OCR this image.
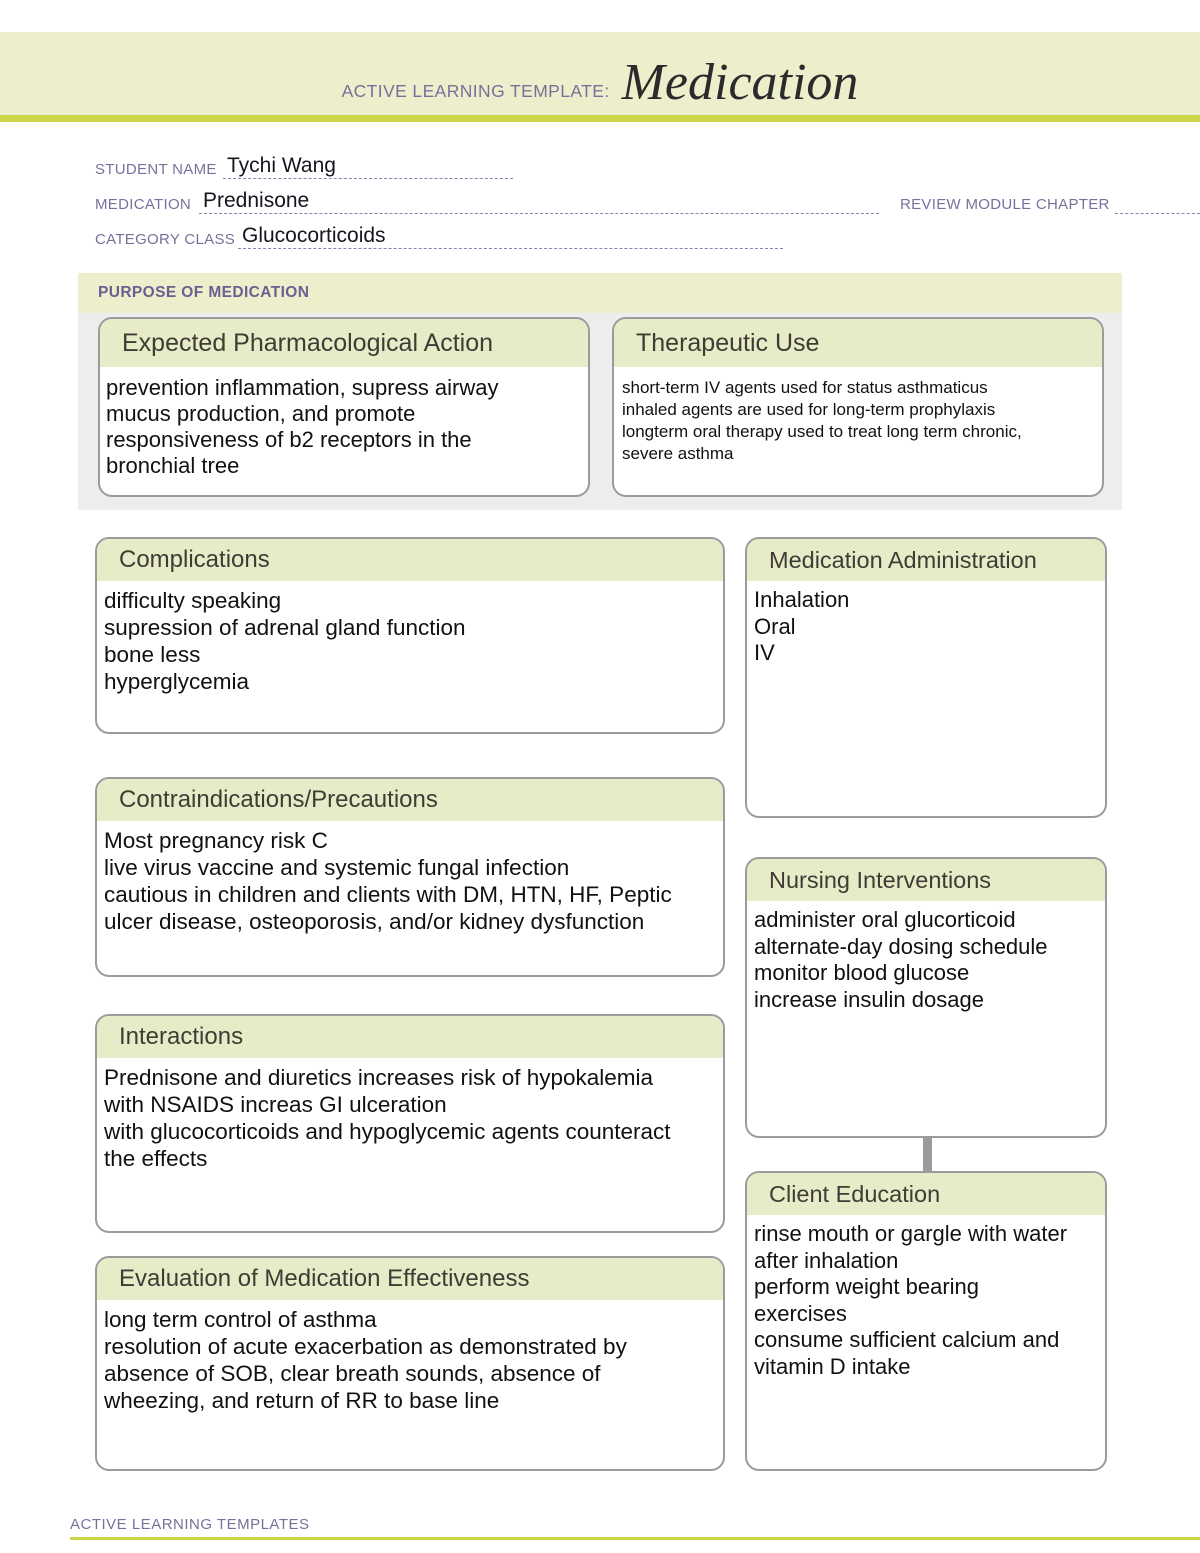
ACTIVE LEARNING TEMPLATE: Medication
STUDENT NAME Tychi Wang
MEDICATION Prednisone	REVIEW MODULE CHAPTER
CATEGORY CLASS Glucocorticoids
PURPOSE OF MEDICATION
Expected Pharmacological Action

prevention inflammation, supress airway

mucus production, and promote

responsiveness of b2 receptors in the

bronchial tree

Therapeutic Use

short-term IV agents used for status asthmaticus

inhaled agents are used for long-term prophylaxis

longterm oral therapy used to treat long term chronic,

severe asthma

Complications

difficulty speaking

supression of adrenal gland function

bone less

hyperglycemia

Contraindications/Precautions

Most pregnancy risk C

live virus vaccine and systemic fungal infection

cautious in children and clients with DM, HTN, HF, Peptic

ulcer disease, osteoporosis, and/or kidney dysfunction

Interactions

Prednisone and diuretics increases risk of hypokalemia

with NSAIDS increas GI ulceration

with glucocorticoids and hypoglycemic agents counteract

the effects

Evaluation of Medication Effectiveness

long term control of asthma

resolution of acute exacerbation as demonstrated by

absence of SOB, clear breath sounds, absence of

wheezing, and return of RR to base line

Medication Administration

Inhalation

Oral

IV

Nursing Interventions

administer oral glucorticoid

alternate-day dosing schedule

monitor blood glucose

increase insulin dosage

Client Education

rinse mouth or gargle with water

after inhalation

perform weight bearing

exercises

consume sufficient calcium and

vitamin D intake

ACTIVE LEARNING TEMPLATES
